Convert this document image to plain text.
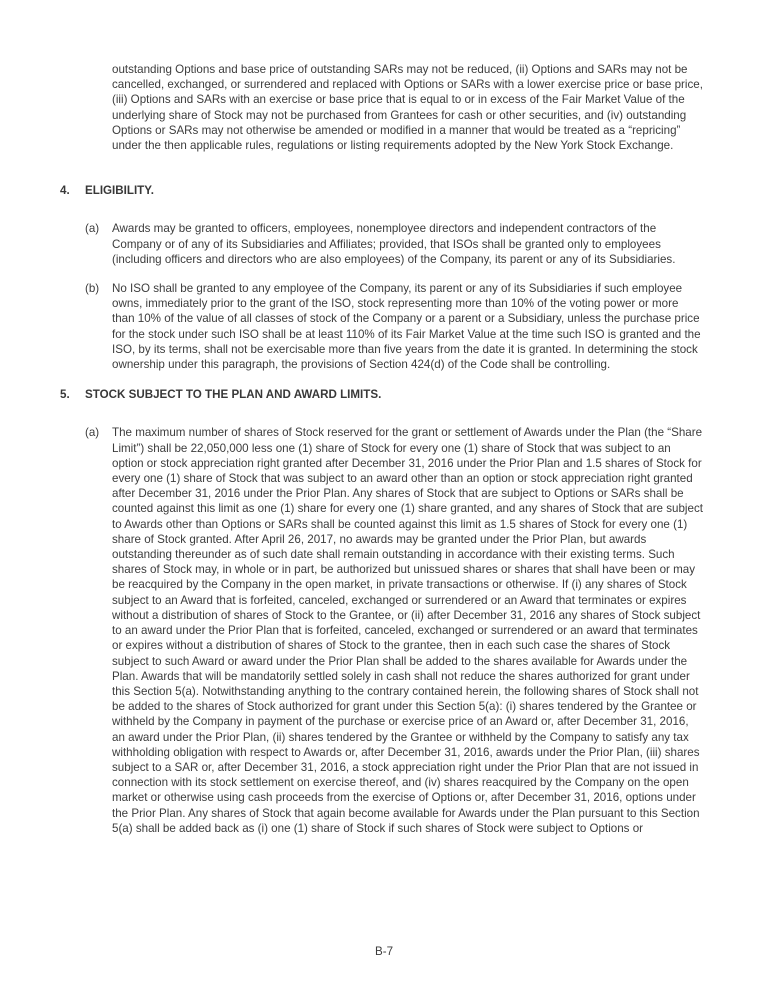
outstanding Options and base price of outstanding SARs may not be reduced, (ii) Options and SARs may not be cancelled, exchanged, or surrendered and replaced with Options or SARs with a lower exercise price or base price, (iii) Options and SARs with an exercise or base price that is equal to or in excess of the Fair Market Value of the underlying share of Stock may not be purchased from Grantees for cash or other securities, and (iv) outstanding Options or SARs may not otherwise be amended or modified in a manner that would be treated as a “repricing” under the then applicable rules, regulations or listing requirements adopted by the New York Stock Exchange.

4.	ELIGIBILITY.
(a)	Awards may be granted to officers, employees, nonemployee directors and independent contractors of the Company or of any of its Subsidiaries and Affiliates; provided, that ISOs shall be granted only to employees (including officers and directors who are also employees) of the Company, its parent or any of its Subsidiaries.

(b)	No ISO shall be granted to any employee of the Company, its parent or any of its Subsidiaries if such employee owns, immediately prior to the grant of the ISO, stock representing more than 10% of the voting power or more than 10% of the value of all classes of stock of the Company or a parent or a Subsidiary, unless the purchase price for the stock under such ISO shall be at least 110% of its Fair Market Value at the time such ISO is granted and the ISO, by its terms, shall not be exercisable more than five years from the date it is granted. In determining the stock ownership under this paragraph, the provisions of Section 424(d) of the Code shall be controlling.

5.	STOCK SUBJECT TO THE PLAN AND AWARD LIMITS.
(a)	The maximum number of shares of Stock reserved for the grant or settlement of Awards under the Plan (the “Share Limit”) shall be 22,050,000 less one (1) share of Stock for every one (1) share of Stock that was subject to an option or stock appreciation right granted after December 31, 2016 under the Prior Plan and 1.5 shares of Stock for every one (1) share of Stock that was subject to an award other than an option or stock appreciation right granted after December 31, 2016 under the Prior Plan. Any shares of Stock that are subject to Options or SARs shall be counted against this limit as one (1) share for every one (1) share granted, and any shares of Stock that are subject to Awards other than Options or SARs shall be counted against this limit as 1.5 shares of Stock for every one (1) share of Stock granted. After April 26, 2017, no awards may be granted under the Prior Plan, but awards outstanding thereunder as of such date shall remain outstanding in accordance with their existing terms. Such shares of Stock may, in whole or in part, be authorized but unissued shares or shares that shall have been or may be reacquired by the Company in the open market, in private transactions or otherwise. If (i) any shares of Stock subject to an Award that is forfeited, canceled, exchanged or surrendered or an Award that terminates or expires without a distribution of shares of Stock to the Grantee, or (ii) after December 31, 2016 any shares of Stock subject to an award under the Prior Plan that is forfeited, canceled, exchanged or surrendered or an award that terminates or expires without a distribution of shares of Stock to the grantee, then in each such case the shares of Stock subject to such Award or award under the Prior Plan shall be added to the shares available for Awards under the Plan. Awards that will be mandatorily settled solely in cash shall not reduce the shares authorized for grant under this Section 5(a). Notwithstanding anything to the contrary contained herein, the following shares of Stock shall not be added to the shares of Stock authorized for grant under this Section 5(a): (i) shares tendered by the Grantee or withheld by the Company in payment of the purchase or exercise price of an Award or, after December 31, 2016, an award under the Prior Plan, (ii) shares tendered by the Grantee or withheld by the Company to satisfy any tax withholding obligation with respect to Awards or, after December 31, 2016, awards under the Prior Plan, (iii) shares subject to a SAR or, after December 31, 2016, a stock appreciation right under the Prior Plan that are not issued in connection with its stock settlement on exercise thereof, and (iv) shares reacquired by the Company on the open market or otherwise using cash proceeds from the exercise of Options or, after December 31, 2016, options under the Prior Plan. Any shares of Stock that again become available for Awards under the Plan pursuant to this Section 5(a) shall be added back as (i) one (1) share of Stock if such shares of Stock were subject to Options or

B-7
